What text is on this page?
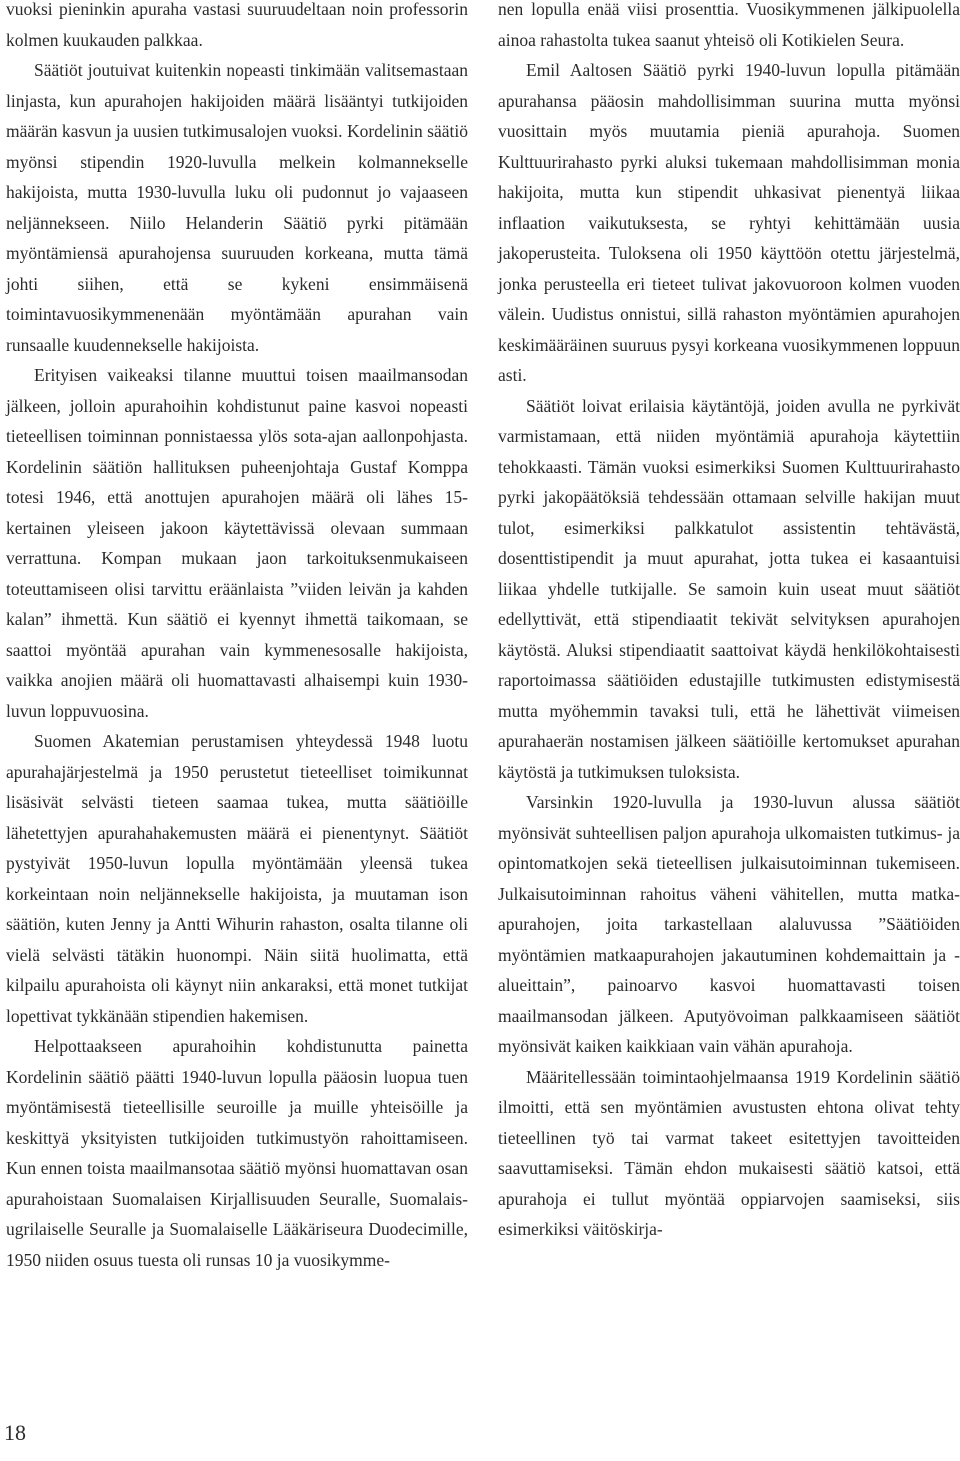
vuoksi pieninkin apuraha vastasi suuruudeltaan noin professorin kolmen kuukauden palkkaa.

Säätiöt joutuivat kuitenkin nopeasti tinkimään valitsemastaan linjasta, kun apurahojen hakijoiden määrä lisääntyi tutkijoiden määrän kasvun ja uusien tutkimusalojen vuoksi. Kordelinin säätiö myönsi stipendin 1920-luvulla melkein kolmannekselle hakijoista, mutta 1930-luvulla luku oli pudonnut jo vajaaseen neljännekseen. Niilo Helanderin Säätiö pyrki pitämään myöntämiensä apurahojensa suuruuden korkeana, mutta tämä johti siihen, että se kykeni ensimmäisenä toimintavuosikymmenenään myöntämään apurahan vain runsaalle kuudennekselle hakijoista.

Erityisen vaikeaksi tilanne muuttui toisen maailmansodan jälkeen, jolloin apurahoihin kohdistunut paine kasvoi nopeasti tieteellisen toiminnan ponnistaessa ylös sota-ajan aallonpohjasta. Kordelinin säätiön hallituksen puheenjohtaja Gustaf Komppa totesi 1946, että anottujen apurahojen määrä oli lähes 15-kertainen yleiseen jakoon käytettävissä olevaan summaan verrattuna. Kompan mukaan jaon tarkoituksenmukaiseen toteuttamiseen olisi tarvittu eräänlaista ”viiden leivän ja kahden kalan” ihmettä. Kun säätiö ei kyennyt ihmettä taikomaan, se saattoi myöntää apurahan vain kymmenesosalle hakijoista, vaikka anojien määrä oli huomattavasti alhaisempi kuin 1930-luvun loppuvuosina.

Suomen Akatemian perustamisen yhteydessä 1948 luotu apurahajärjestelmä ja 1950 perustetut tieteelliset toimikunnat lisäsivät selvästi tieteen saamaa tukea, mutta säätiöille lähetettyjen apurahahakemusten määrä ei pienentynyt. Säätiöt pystyivät 1950-luvun lopulla myöntämään yleensä tukea korkeintaan noin neljännekselle hakijoista, ja muutaman ison säätiön, kuten Jenny ja Antti Wihurin rahaston, osalta tilanne oli vielä selvästi tätäkin huonompi. Näin siitä huolimatta, että kilpailu apurahoista oli käynyt niin ankaraksi, että monet tutkijat lopettivat tykkänään stipendien hakemisen.

Helpottaakseen apurahoihin kohdistunutta painetta Kordelinin säätiö päätti 1940-luvun lopulla pääosin luopua tuen myöntämisestä tieteellisille seuroille ja muille yhteisöille ja keskittyä yksityisten tutkijoiden tutkimustyön rahoittamiseen. Kun ennen toista maailmansotaa säätiö myönsi huomattavan osan apurahoistaan Suomalaisen Kirjallisuuden Seuralle, Suomalais-ugrilaiselle Seuralle ja Suomalaiselle Lääkäriseura Duodecimille, 1950 niiden osuus tuesta oli runsas 10 ja vuosikymme-

nen lopulla enää viisi prosenttia. Vuosikymmenen jälkipuolella ainoa rahastolta tukea saanut yhteisö oli Kotikielen Seura.

Emil Aaltosen Säätiö pyrki 1940-luvun lopulla pitämään apurahansa pääosin mahdollisimman suurina mutta myönsi vuosittain myös muutamia pieniä apurahoja. Suomen Kulttuurirahasto pyrki aluksi tukemaan mahdollisimman monia hakijoita, mutta kun stipendit uhkasivat pienentyä liikaa inflaation vaikutuksesta, se ryhtyi kehittämään uusia jakoperusteita. Tuloksena oli 1950 käyttöön otettu järjestelmä, jonka perusteella eri tieteet tulivat jakovuoroon kolmen vuoden välein. Uudistus onnistui, sillä rahaston myöntämien apurahojen keskimääräinen suuruus pysyi korkeana vuosikymmenen loppuun asti.

Säätiöt loivat erilaisia käytäntöjä, joiden avulla ne pyrkivät varmistamaan, että niiden myöntämiä apurahoja käytettiin tehokkaasti. Tämän vuoksi esimerkiksi Suomen Kulttuurirahasto pyrki jakopäätöksiä tehdessään ottamaan selville hakijan muut tulot, esimerkiksi palkkatulot assistentin tehtävästä, dosenttistipendit ja muut apurahat, jotta tukea ei kasaantuisi liikaa yhdelle tutkijalle. Se samoin kuin useat muut säätiöt edellyttivät, että stipendiaatit tekivät selvityksen apurahojen käytöstä. Aluksi stipendiaatit saattoivat käydä henkilökohtaisesti raportoimassa säätiöiden edustajille tutkimusten edistymisestä mutta myöhemmin tavaksi tuli, että he lähettivät viimeisen apurahaerän nostamisen jälkeen säätiöille kertomukset apurahan käytöstä ja tutkimuksen tuloksista.

Varsinkin 1920-luvulla ja 1930-luvun alussa säätiöt myönsivät suhteellisen paljon apurahoja ulkomaisten tutkimus- ja opintomatkojen sekä tieteellisen julkaisutoiminnan tukemiseen. Julkaisutoiminnan rahoitus väheni vähitellen, mutta matka-apurahojen, joita tarkastellaan alaluvussa ”Säätiöiden myöntämien matkaapurahojen jakautuminen kohdemaittain ja -alueittain”, painoarvo kasvoi huomattavasti toisen maailmansodan jälkeen. Aputyövoiman palkkaamiseen säätiöt myönsivät kaiken kaikkiaan vain vähän apurahoja.

Määritellessään toimintaohjelmaansa 1919 Kordelinin säätiö ilmoitti, että sen myöntämien avustusten ehtona olivat tehty tieteellinen työ tai varmat takeet esitettyjen tavoitteiden saavuttamiseksi. Tämän ehdon mukaisesti säätiö katsoi, että apurahoja ei tullut myöntää oppiarvojen saamiseksi, siis esimerkiksi väitöskirja-

18
